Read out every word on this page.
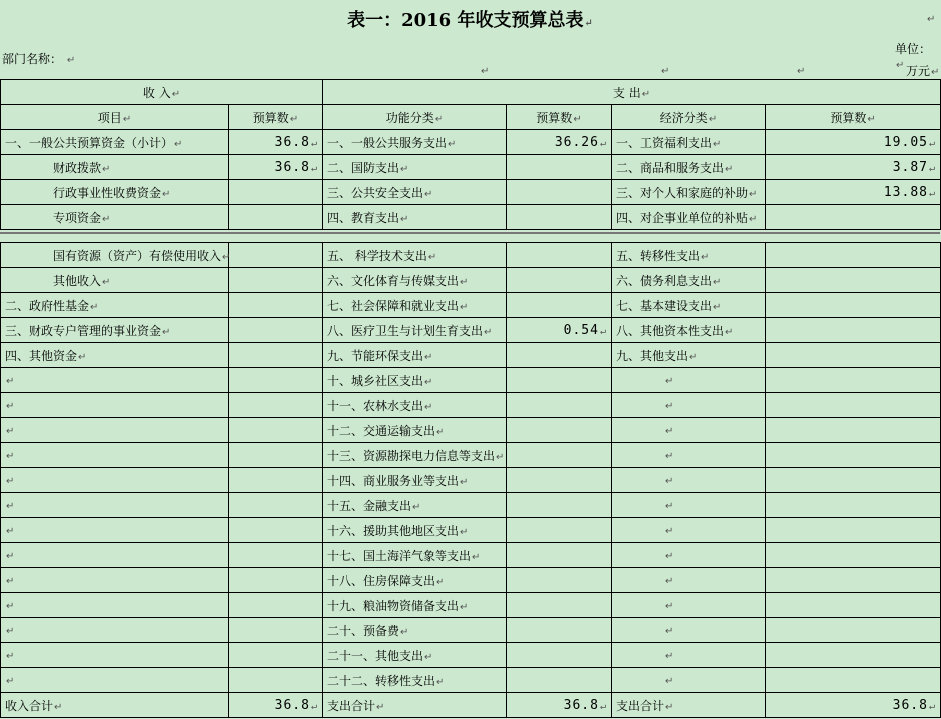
表一：2016 年收支预算总表↵	↵
部门名称： ↵
单位：↵ 万元↵
↵	↵	↵
收 入↵		支 出↵			
项目↵	预算数↵	功能分类↵	预算数↵	经济分类↵	预算数↵
一、一般公共预算资金（小计）↵	36.8↵	一、一般公共服务支出↵	36.26↵	一、工资福利支出↵	19.05↵
财政拨款↵	36.8↵	二、国防支出↵		二、商品和服务支出↵	3.87↵
行政事业性收费资金↵		三、公共安全支出↵		三、对个人和家庭的补助↵	13.88↵
专项资金↵		四、教育支出↵		四、对企事业单位的补贴↵	
国有资源（资产）有偿使用收入↵		五、 科学技术支出↵		五、转移性支出↵	
其他收入↵		六、文化体育与传媒支出↵		六、债务利息支出↵	
二、政府性基金↵		七、社会保障和就业支出↵		七、基本建设支出↵	
三、财政专户管理的事业资金↵		八、医疗卫生与计划生育支出↵	0.54↵	八、其他资本性支出↵	
四、其他资金↵		九、节能环保支出↵		九、其他支出↵	
↵		十、城乡社区支出↵		↵	
↵		十一、农林水支出↵		↵	
↵		十二、交通运输支出↵		↵	
↵		十三、资源勘探电力信息等支出↵		↵	
↵		十四、商业服务业等支出↵		↵	
↵		十五、金融支出↵		↵	
↵		十六、援助其他地区支出↵		↵	
↵		十七、国土海洋气象等支出↵		↵	
↵		十八、住房保障支出↵		↵	
↵		十九、粮油物资储备支出↵		↵	
↵		二十、预备费↵		↵	
↵		二十一、其他支出↵		↵	
↵		二十二、转移性支出↵		↵	
收入合计↵	36.8↵	支出合计↵	36.8↵	支出合计↵	36.8↵
